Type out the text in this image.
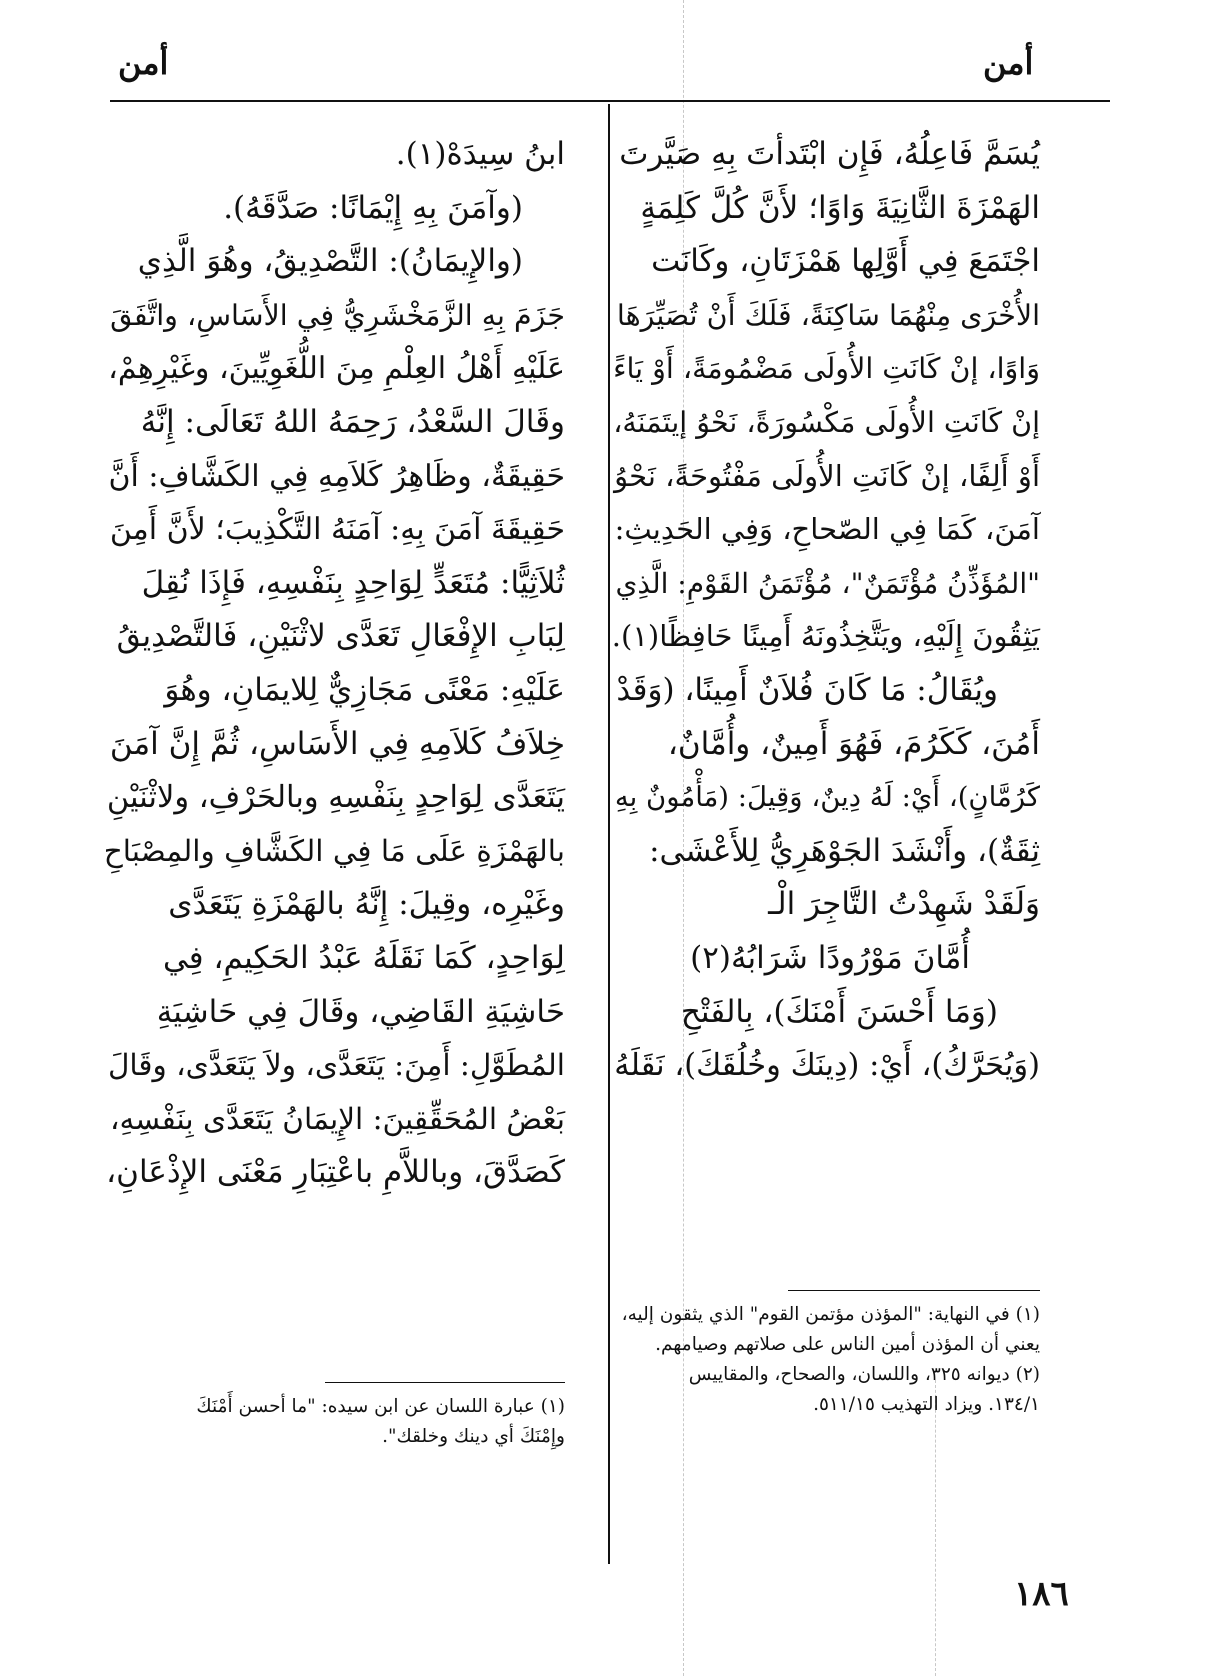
أمن
أمن

يُسَمَّ فَاعِلُهُ، فَإِن ابْتَدأتَ بِهِ صَيَّرتَ

الهَمْزَةَ الثَّانِيَةَ وَاوًا؛ لأَنَّ كُلَّ كَلِمَةٍ

اجْتَمَعَ فِي أَوَّلِها هَمْزَتَانِ، وكَانَت

الأُخْرَى مِنْهُمَا سَاكِنَةً، فَلَكَ أَنْ تُصَيِّرَهَا

وَاوًا، إنْ كَانَتِ الأُولَى مَضْمُومَةً، أَوْ يَاءً

إنْ كَانَتِ الأُولَى مَكْسُورَةً، نَحْوُ إيتَمَنَهُ،

أَوْ أَلِفًا، إنْ كَانَتِ الأُولَى مَفْتُوحَةً، نَحْوُ

آمَنَ، كَمَا فِي الصّحاحِ، وَفِي الحَدِيثِ:

"المُؤَذِّنُ مُؤْتَمَنٌ"، مُؤْتَمَنُ القَوْمِ: الَّذِي

يَثِقُونَ إِلَيْهِ، ويَتَّخِذُونَهُ أَمِينًا حَافِظًا(١).

ويُقَالُ: مَا كَانَ فُلاَنٌ أَمِينًا، (وَقَدْ

أَمُنَ، كَكَرُمَ، فَهُوَ أَمِينٌ، وأُمَّانٌ،

كَرُمَّانٍ)، أَيْ: لَهُ دِينٌ، وَقِيلَ: (مَأْمُونٌ بِهِ

ثِقَةٌ)، وأَنْشَدَ الجَوْهَرِيُّ لِلأَعْشَى:

وَلَقَدْ شَهِدْتُ التَّاجِرَ الْـ

أُمَّانَ مَوْرُودًا شَرَابُهُ(٢)

(وَمَا أَحْسَنَ أَمْنَكَ)، بِالفَتْحِ

(وَيُحَرَّكُ)، أَيْ: (دِينَكَ وخُلُقَكَ)، نَقَلَهُ

(١) في النهاية: "المؤذن مؤتمن القوم" الذي يثقون إليه،

يعني أن المؤذن أمين الناس على صلاتهم وصيامهم.

(٢) ديوانه ٣٢٥، واللسان، والصحاح، والمقاييس

١٣٤/١. ويزاد التهذيب ٥١١/١٥.

ابنُ سِيدَهْ(١).

(وآمَنَ بِهِ إِيْمَانًا: صَدَّقَهُ).

(والإِيمَانُ): التَّصْدِيقُ، وهُوَ الَّذِي

جَزَمَ بِهِ الزَّمَخْشَرِيُّ فِي الأَسَاسِ، واتَّفَقَ

عَلَيْهِ أَهْلُ العِلْمِ مِنَ اللُّغَوِيِّينَ، وغَيْرِهِمْ،

وقَالَ السَّعْدُ، رَحِمَهُ اللهُ تَعَالَى: إِنَّهُ

حَقِيقَةٌ، وظَاهِرُ كَلاَمِهِ فِي الكَشَّافِ: أَنَّ

حَقِيقَةَ آمَنَ بِهِ: آمَنَهُ التَّكْذِيبَ؛ لأَنَّ أَمِنَ

ثُلاَثِيًّا: مُتَعَدٍّ لِوَاحِدٍ بِنَفْسِهِ، فَإِذَا نُقِلَ

لِبَابِ الإِفْعَالِ تَعَدَّى لاثْنَيْنِ، فَالتَّصْدِيقُ

عَلَيْهِ: مَعْنًى مَجَازِيٌّ لِلايمَانِ، وهُوَ

خِلاَفُ كَلاَمِهِ فِي الأَسَاسِ، ثُمَّ إِنَّ آمَنَ

يَتَعَدَّى لِوَاحِدٍ بِنَفْسِهِ وبالحَرْفِ، ولاثْنَيْنِ

بالهَمْزَةِ عَلَى مَا فِي الكَشَّافِ والمِصْبَاحِ

وغَيْرِه، وقِيلَ: إِنَّهُ بالهَمْزَةِ يَتَعَدَّى

لِوَاحِدٍ، كَمَا نَقَلَهُ عَبْدُ الحَكِيمِ، فِي

حَاشِيَةِ القَاضِي، وقَالَ فِي حَاشِيَةِ

المُطَوَّلِ: أَمِنَ: يَتَعَدَّى، ولاَ يَتَعَدَّى، وقَالَ

بَعْضُ المُحَقِّقِينَ: الإِيمَانُ يَتَعَدَّى بِنَفْسِهِ،

كَصَدَّقَ، وباللاَّمِ باعْتِبَارِ مَعْنَى الإِذْعَانِ،

(١) عبارة اللسان عن ابن سيده: "ما أحسن أَمْنَكَ

وإِمْنَكَ أي دينك وخلقك".

١٨٦
